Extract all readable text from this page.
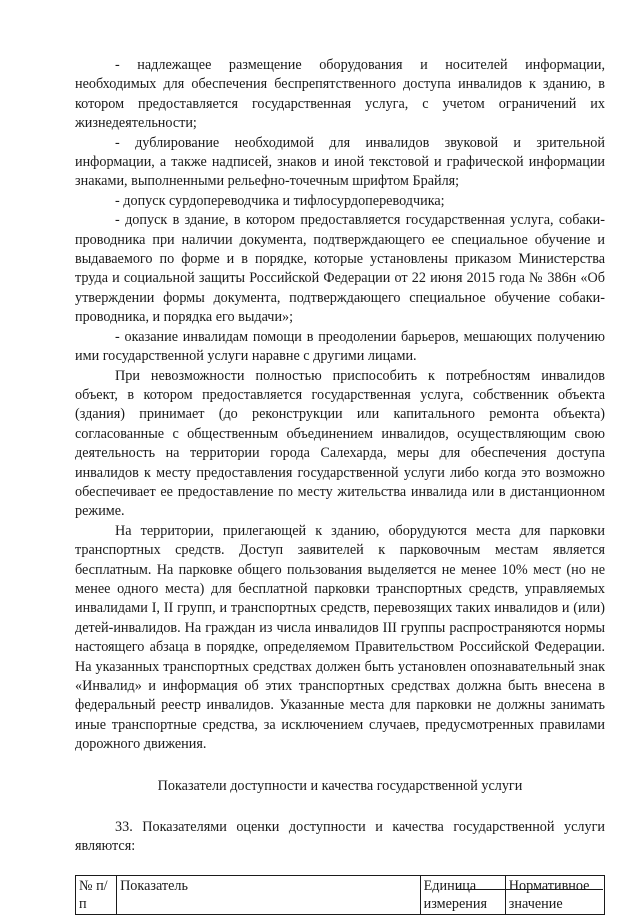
- надлежащее размещение оборудования и носителей информации, необходимых для обеспечения беспрепятственного доступа инвалидов к зданию, в котором предоставляется государственная услуга, с учетом ограничений их жизнедеятельности;

- дублирование необходимой для инвалидов звуковой и зрительной информации, а также надписей, знаков и иной текстовой и графической информации знаками, выполненными рельефно-точечным шрифтом Брайля;

- допуск сурдопереводчика и тифлосурдопереводчика;

- допуск в здание, в котором предоставляется государственная услуга, собаки-проводника при наличии документа, подтверждающего ее специальное обучение и выдаваемого по форме и в порядке, которые установлены приказом Министерства труда и социальной защиты Российской Федерации от 22 июня 2015 года № 386н «Об утверждении формы документа, подтверждающего специальное обучение собаки-проводника, и порядка его выдачи»;

- оказание инвалидам помощи в преодолении барьеров, мешающих получению ими государственной услуги наравне с другими лицами.

При невозможности полностью приспособить к потребностям инвалидов объект, в котором предоставляется государственная услуга, собственник объекта (здания) принимает (до реконструкции или капитального ремонта объекта) согласованные с общественным объединением инвалидов, осуществляющим свою деятельность на территории города Салехарда, меры для обеспечения доступа инвалидов к месту предоставления государственной услуги либо когда это возможно обеспечивает ее предоставление по месту жительства инвалида или в дистанционном режиме.

На территории, прилегающей к зданию, оборудуются места для парковки транспортных средств. Доступ заявителей к парковочным местам является бесплатным. На парковке общего пользования выделяется не менее 10% мест (но не менее одного места) для бесплатной парковки транспортных средств, управляемых инвалидами I, II групп, и транспортных средств, перевозящих таких инвалидов и (или) детей-инвалидов. На граждан из числа инвалидов III группы распространяются нормы настоящего абзаца в порядке, определяемом Правительством Российской Федерации. На указанных транспортных средствах должен быть установлен опознавательный знак «Инвалид» и информация об этих транспортных средствах должна быть внесена в федеральный реестр инвалидов. Указанные места для парковки не должны занимать иные транспортные средства, за исключением случаев, предусмотренных правилами дорожного движения.

Показатели доступности и качества государственной услуги

33. Показателями оценки доступности и качества государственной услуги являются:

№ п/п	Показатель	Единица измерения	Нормативное значение
